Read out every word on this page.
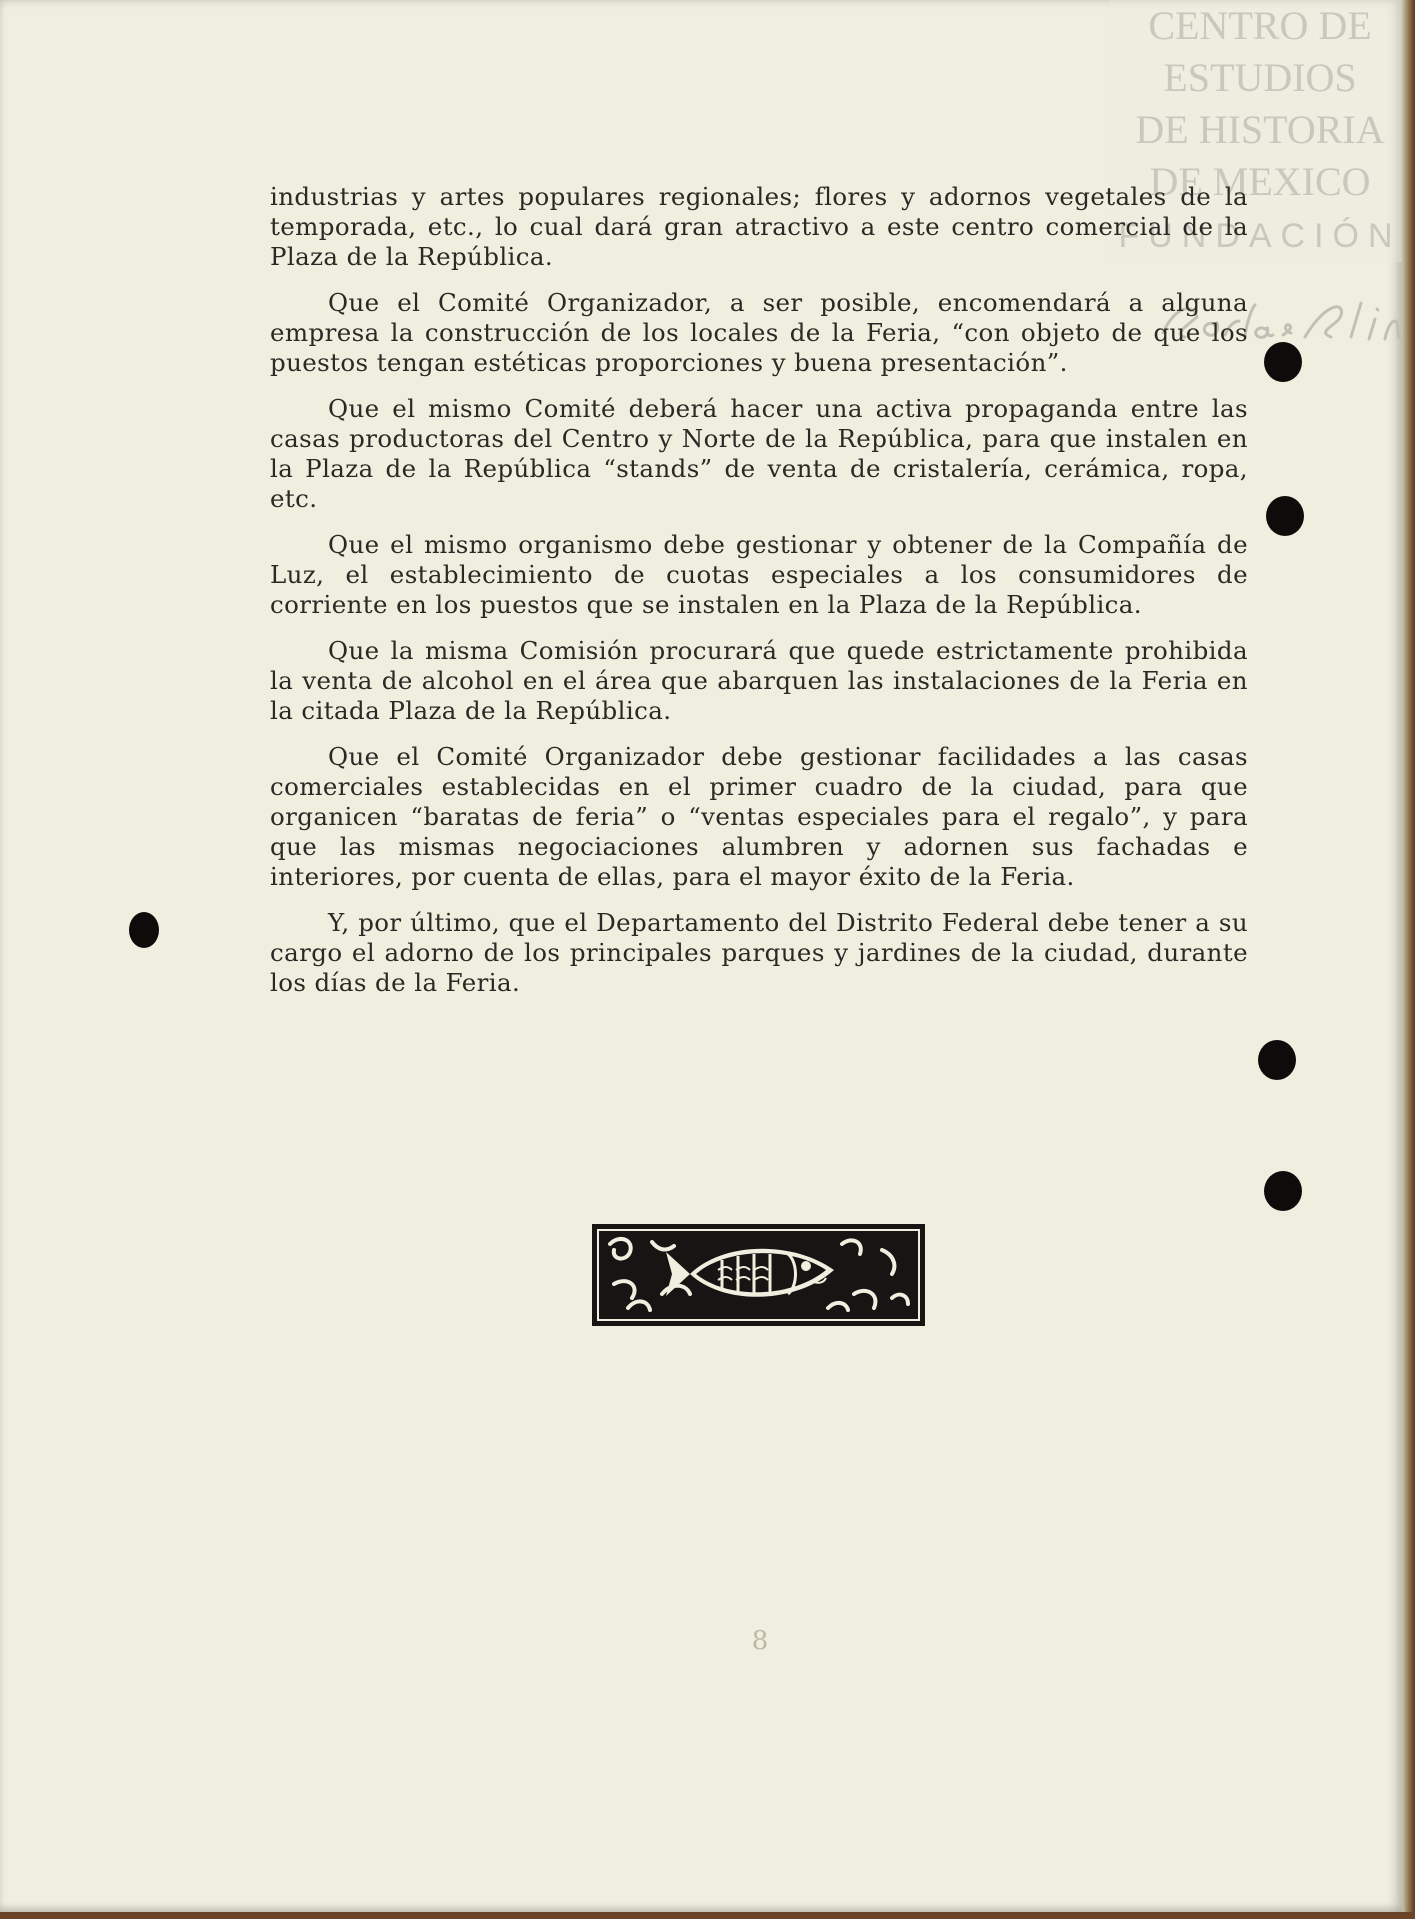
CENTRO DE
ESTUDIOS
DE HISTORIA
DE MEXICO
FUNDACIÓN

industrias y artes populares regionales; flores y adornos vegetales de la temporada, etc., lo cual dará gran atractivo a este centro comercial de la Plaza de la República.

Que el Comité Organizador, a ser posible, encomendará a alguna empresa la construcción de los locales de la Feria, “con objeto de que los puestos tengan estéticas proporciones y buena presentación”.

Que el mismo Comité deberá hacer una activa propaganda entre las casas productoras del Centro y Norte de la República, para que instalen en la Plaza de la República “stands” de venta de cristalería, cerámica, ropa, etc.

Que el mismo organismo debe gestionar y obtener de la Compañía de Luz, el establecimiento de cuotas especiales a los consumidores de corriente en los puestos que se instalen en la Plaza de la República.

Que la misma Comisión procurará que quede estrictamente prohibida la venta de alcohol en el área que abarquen las instalaciones de la Feria en la citada Plaza de la República.

Que el Comité Organizador debe gestionar facilidades a las casas comerciales establecidas en el primer cuadro de la ciudad, para que organicen “baratas de feria” o “ventas especiales para el regalo”, y para que las mismas negociaciones alumbren y adornen sus fachadas e interiores, por cuenta de ellas, para el mayor éxito de la Feria.

Y, por último, que el Departamento del Distrito Federal debe tener a su cargo el adorno de los principales parques y jardines de la ciudad, durante los días de la Feria.

8
